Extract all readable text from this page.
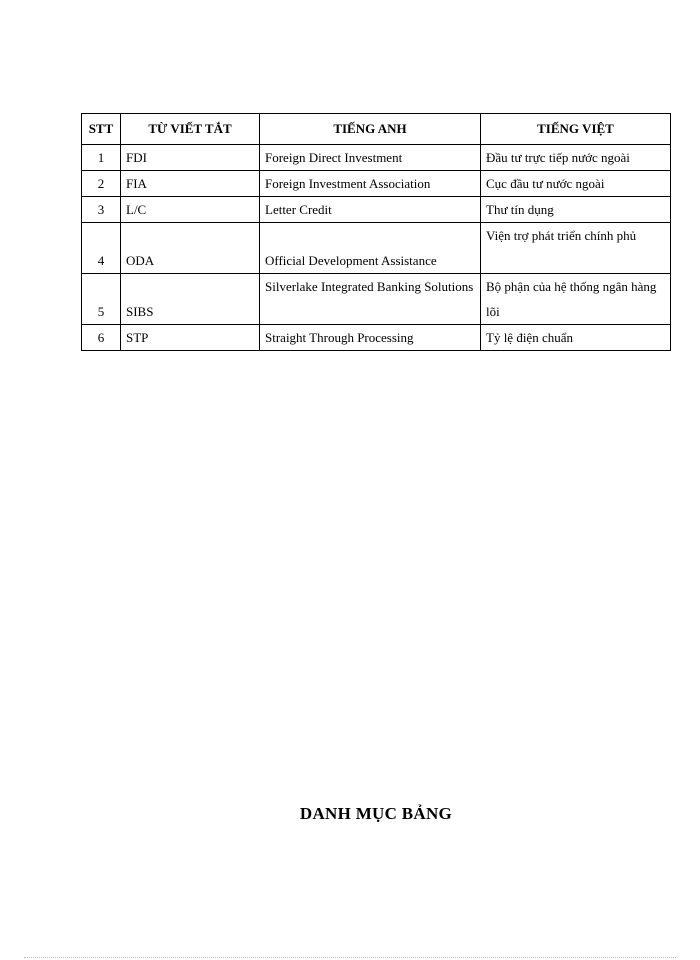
STT	TỪ VIẾT TẮT	TIẾNG ANH	TIẾNG VIỆT
1	FDI	Foreign Direct Investment	Đầu tư trực tiếp nước ngoài
2	FIA	Foreign Investment Association	Cục đầu tư nước ngoài
3	L/C	Letter Credit	Thư tín dụng
4	ODA	Official Development Assistance	Viện trợ phát triển chính phủ
5	SIBS	Silverlake Integrated Banking Solutions	Bộ phận của hệ thống ngân hàng lõi
6	STP	Straight Through Processing	Tỷ lệ điện chuẩn
DANH MỤC BẢNG
